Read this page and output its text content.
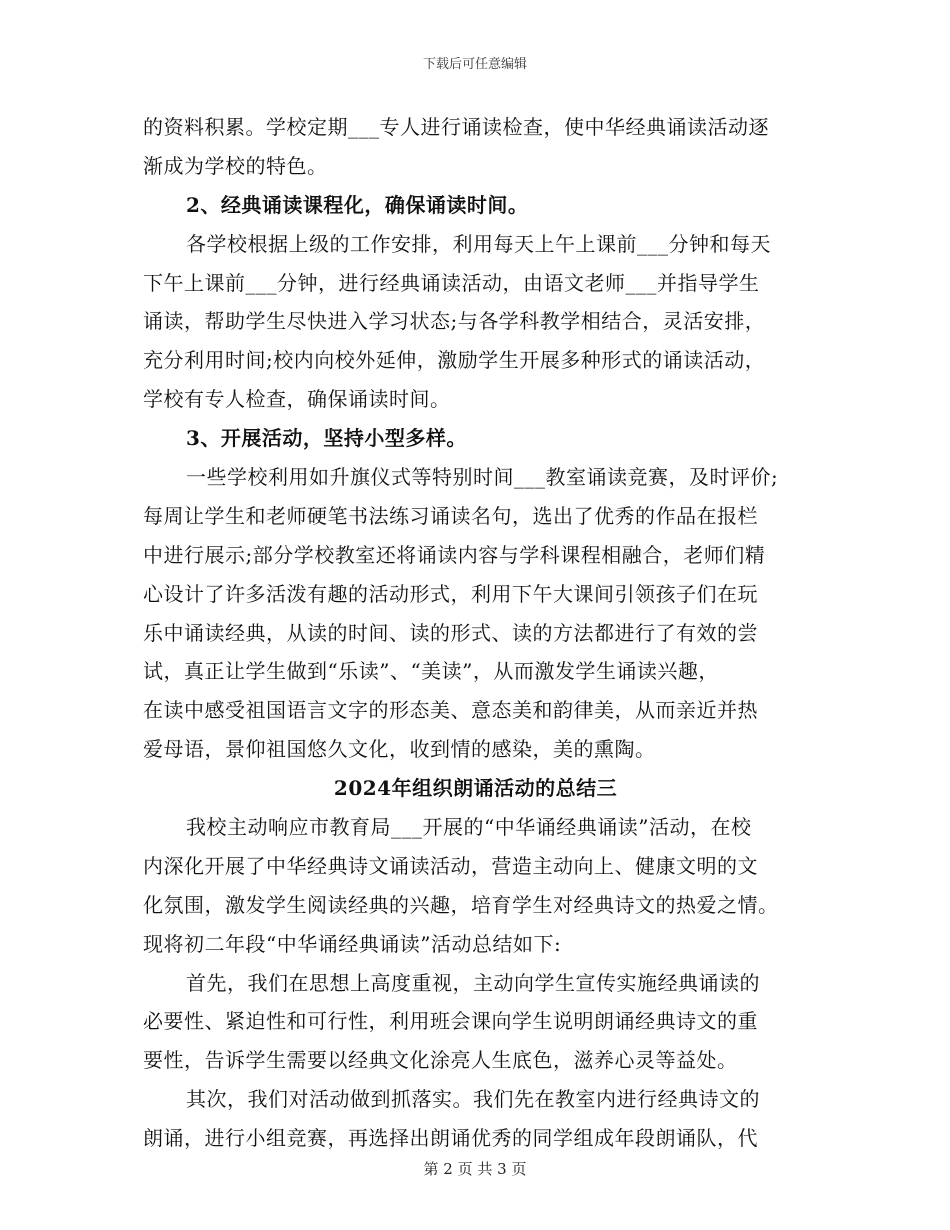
下载后可任意编辑
的资料积累。学校定期___专人进行诵读检查，使中华经典诵读活动逐
渐成为学校的特色。
2、经典诵读课程化，确保诵读时间。
各学校根据上级的工作安排，利用每天上午上课前___分钟和每天
下午上课前___分钟，进行经典诵读活动，由语文老师___并指导学生
诵读，帮助学生尽快进入学习状态;与各学科教学相结合，灵活安排，
充分利用时间;校内向校外延伸，激励学生开展多种形式的诵读活动，
学校有专人检查，确保诵读时间。
3、开展活动，坚持小型多样。
一些学校利用如升旗仪式等特别时间___教室诵读竞赛，及时评价;
每周让学生和老师硬笔书法练习诵读名句，选出了优秀的作品在报栏
中进行展示;部分学校教室还将诵读内容与学科课程相融合，老师们精
心设计了许多活泼有趣的活动形式，利用下午大课间引领孩子们在玩
乐中诵读经典，从读的时间、读的形式、读的方法都进行了有效的尝
试，真正让学生做到“乐读”、“美读”，从而激发学生诵读兴趣，
在读中感受祖国语言文字的形态美、意态美和韵律美，从而亲近并热
爱母语，景仰祖国悠久文化，收到情的感染，美的熏陶。
2024年组织朗诵活动的总结三
我校主动响应市教育局___开展的“中华诵经典诵读”活动，在校
内深化开展了中华经典诗文诵读活动，营造主动向上、健康文明的文
化氛围，激发学生阅读经典的兴趣，培育学生对经典诗文的热爱之情。
现将初二年段“中华诵经典诵读”活动总结如下:
首先，我们在思想上高度重视，主动向学生宣传实施经典诵读的
必要性、紧迫性和可行性，利用班会课向学生说明朗诵经典诗文的重
要性，告诉学生需要以经典文化涂亮人生底色，滋养心灵等益处。
其次，我们对活动做到抓落实。我们先在教室内进行经典诗文的
朗诵，进行小组竞赛，再选择出朗诵优秀的同学组成年段朗诵队，代
第 2 页 共 3 页
